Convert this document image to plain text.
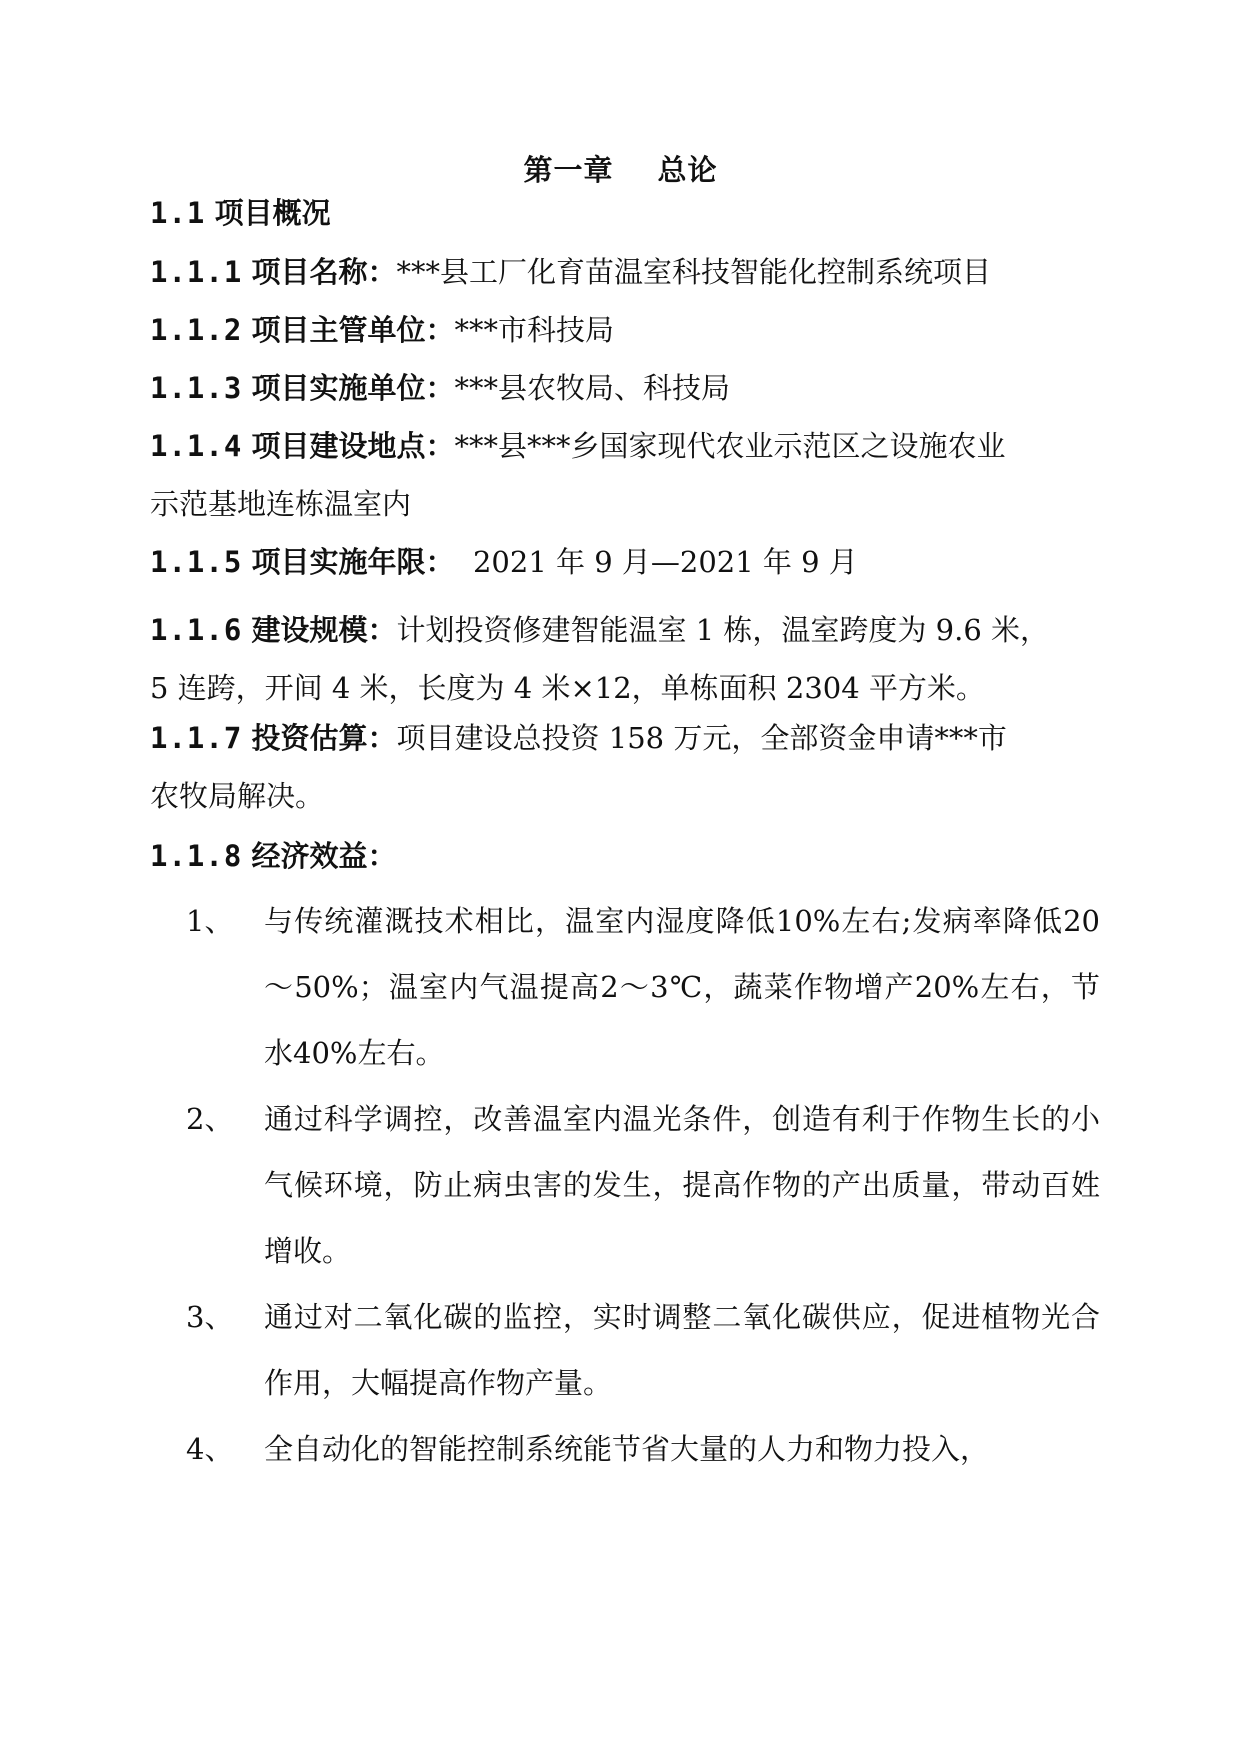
第一章 总论
1.1 项目概况
1.1.1 项目名称：***县工厂化育苗温室科技智能化控制系统项目
1.1.2 项目主管单位：***市科技局
1.1.3 项目实施单位：***县农牧局、科技局
1.1.4 项目建设地点：***县***乡国家现代农业示范区之设施农业
示范基地连栋温室内
1.1.5 项目实施年限： 2021 年 9 月—2021 年 9 月
1.1.6 建设规模：计划投资修建智能温室 1 栋，温室跨度为 9.6 米，
5 连跨，开间 4 米，长度为 4 米×12，单栋面积 2304 平方米。
1.1.7 投资估算：项目建设总投资 158 万元，全部资金申请***市
农牧局解决。
1.1.8 经济效益：
1、 与传统灌溉技术相比，温室内湿度降低10%左右;发病率降低20～50%；温室内气温提高2～3℃，蔬菜作物增产20%左右，节水40%左右。
2、 通过科学调控，改善温室内温光条件，创造有利于作物生长的小气候环境，防止病虫害的发生，提高作物的产出质量，带动百姓增收。
3、 通过对二氧化碳的监控，实时调整二氧化碳供应，促进植物光合作用，大幅提高作物产量。
4、 全自动化的智能控制系统能节省大量的人力和物力投入，
